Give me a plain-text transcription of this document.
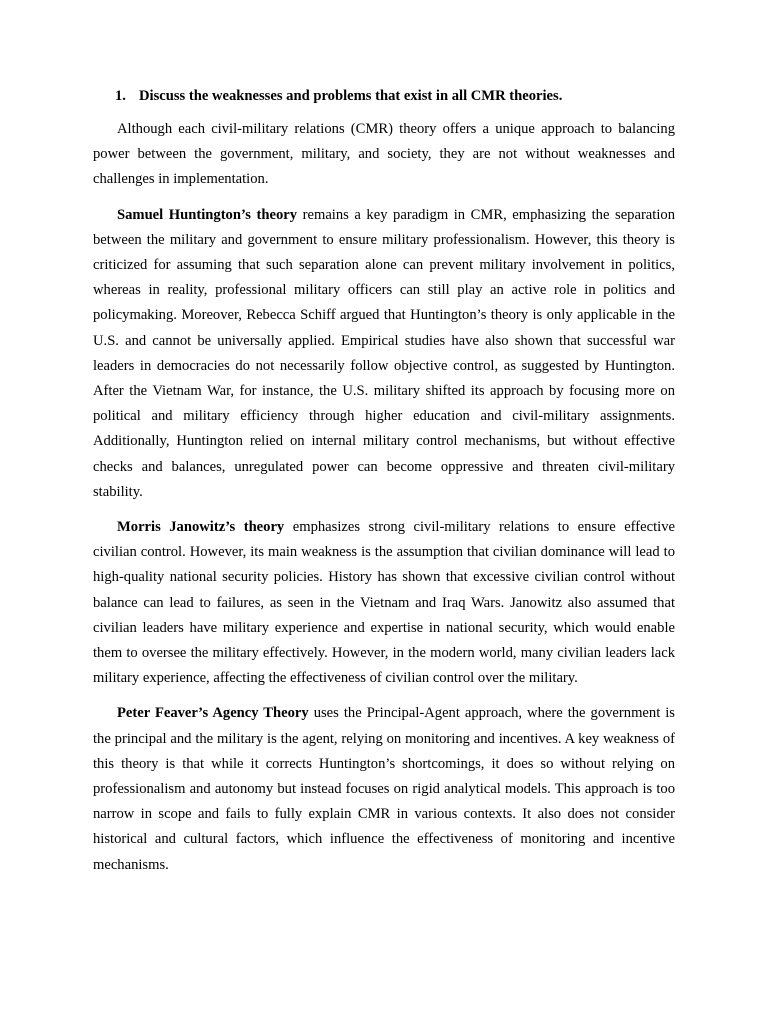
1. Discuss the weaknesses and problems that exist in all CMR theories.

Although each civil-military relations (CMR) theory offers a unique approach to balancing power between the government, military, and society, they are not without weaknesses and challenges in implementation.

Samuel Huntington’s theory remains a key paradigm in CMR, emphasizing the separation between the military and government to ensure military professionalism. However, this theory is criticized for assuming that such separation alone can prevent military involvement in politics, whereas in reality, professional military officers can still play an active role in politics and policymaking. Moreover, Rebecca Schiff argued that Huntington’s theory is only applicable in the U.S. and cannot be universally applied. Empirical studies have also shown that successful war leaders in democracies do not necessarily follow objective control, as suggested by Huntington. After the Vietnam War, for instance, the U.S. military shifted its approach by focusing more on political and military efficiency through higher education and civil-military assignments. Additionally, Huntington relied on internal military control mechanisms, but without effective checks and balances, unregulated power can become oppressive and threaten civil-military stability.

Morris Janowitz’s theory emphasizes strong civil-military relations to ensure effective civilian control. However, its main weakness is the assumption that civilian dominance will lead to high-quality national security policies. History has shown that excessive civilian control without balance can lead to failures, as seen in the Vietnam and Iraq Wars. Janowitz also assumed that civilian leaders have military experience and expertise in national security, which would enable them to oversee the military effectively. However, in the modern world, many civilian leaders lack military experience, affecting the effectiveness of civilian control over the military.

Peter Feaver’s Agency Theory uses the Principal-Agent approach, where the government is the principal and the military is the agent, relying on monitoring and incentives. A key weakness of this theory is that while it corrects Huntington’s shortcomings, it does so without relying on professionalism and autonomy but instead focuses on rigid analytical models. This approach is too narrow in scope and fails to fully explain CMR in various contexts. It also does not consider historical and cultural factors, which influence the effectiveness of monitoring and incentive mechanisms.
